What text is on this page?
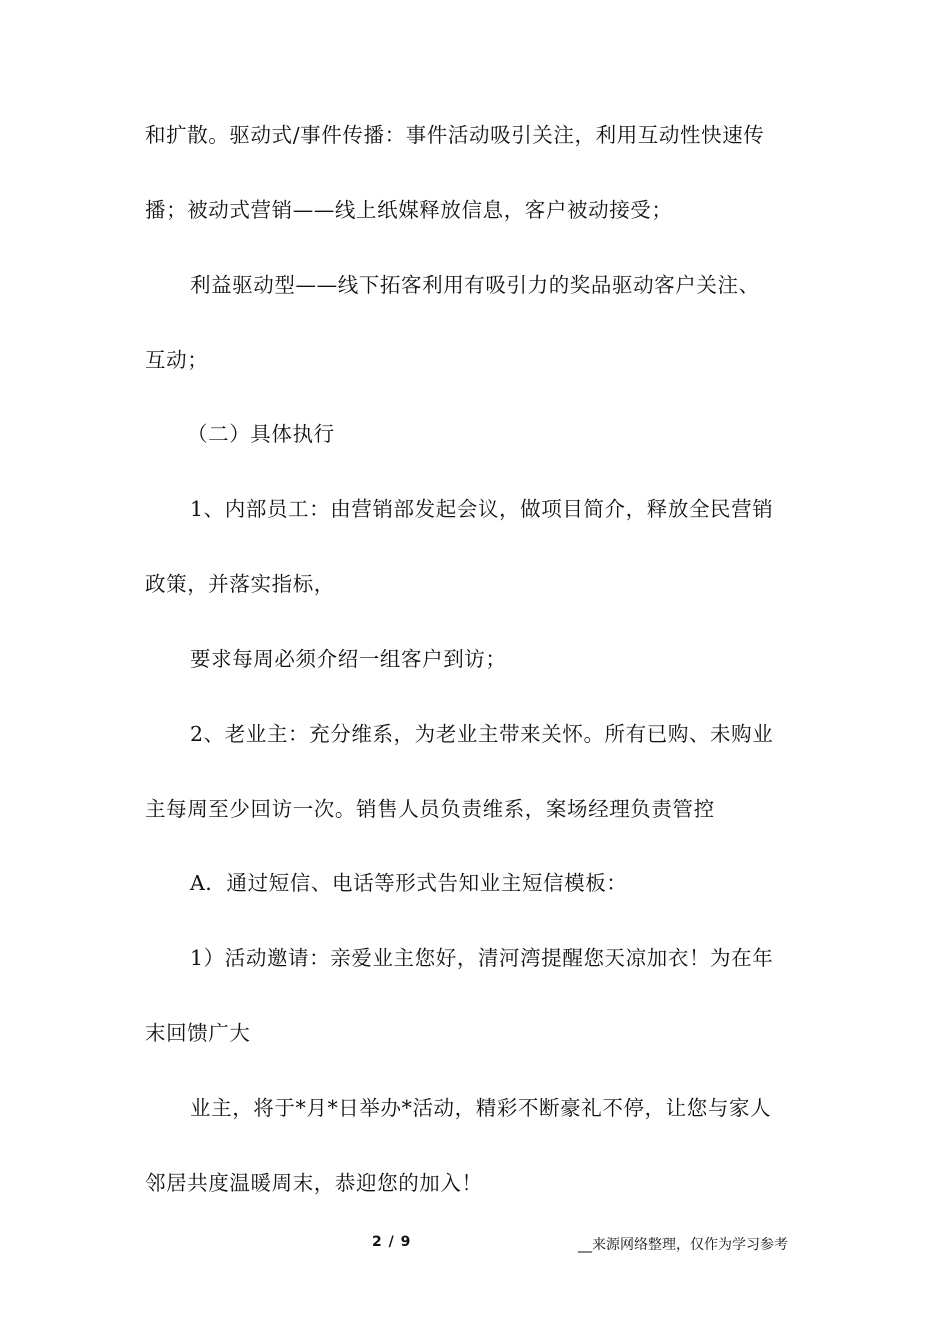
和扩散。驱动式/事件传播：事件活动吸引关注，利用互动性快速传
播；被动式营销——线上纸媒释放信息，客户被动接受；
利益驱动型——线下拓客利用有吸引力的奖品驱动客户关注、
互动；
（二）具体执行
1、内部员工：由营销部发起会议，做项目简介，释放全民营销
政策，并落实指标，
要求每周必须介绍一组客户到访；
2、老业主：充分维系，为老业主带来关怀。所有已购、未购业
主每周至少回访一次。销售人员负责维系，案场经理负责管控
A．通过短信、电话等形式告知业主短信模板：
1）活动邀请：亲爱业主您好，清河湾提醒您天凉加衣！为在年
末回馈广大
业主，将于*月*日举办*活动，精彩不断豪礼不停，让您与家人
邻居共度温暖周末，恭迎您的加入！
2 / 9	__来源网络整理，仅作为学习参考
